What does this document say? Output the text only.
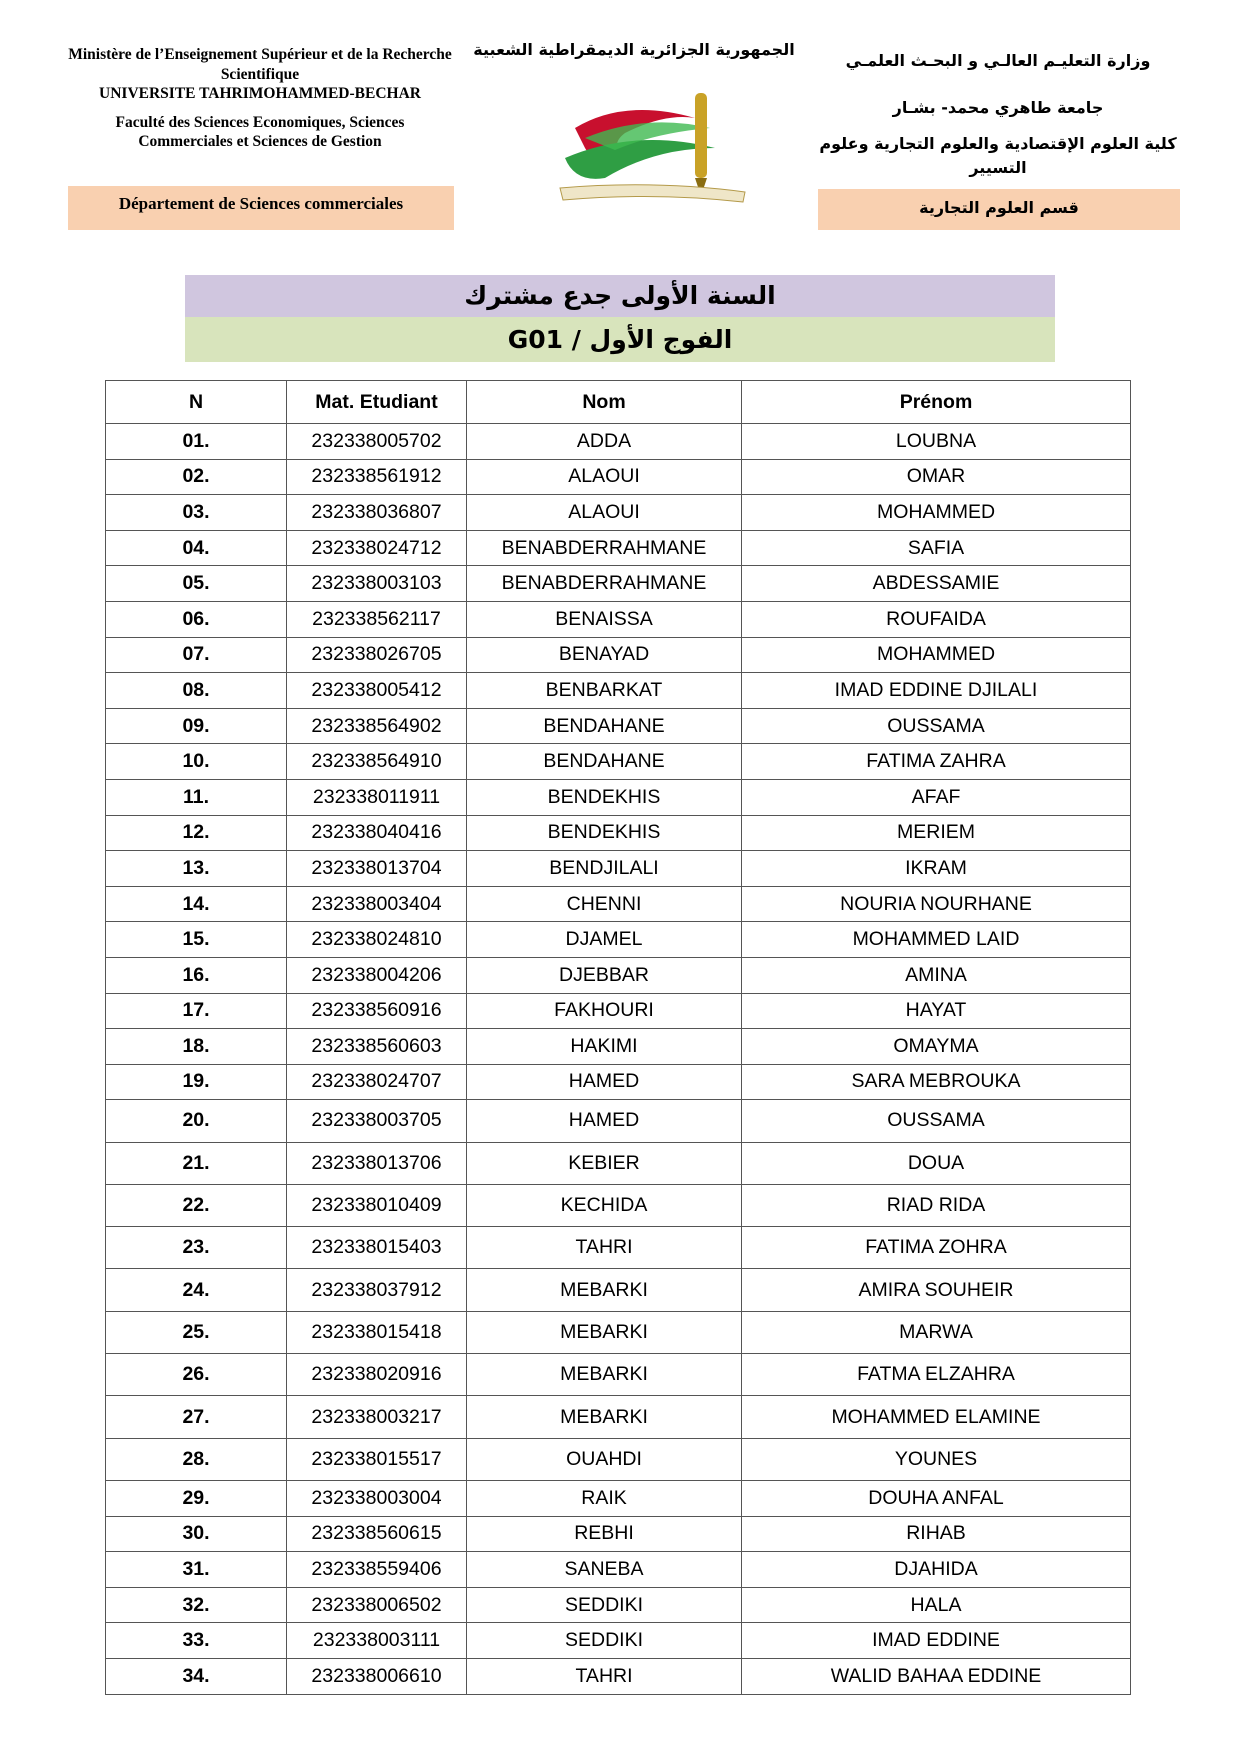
Ministère de l’Enseignement Supérieur et de la Recherche Scientifique
UNIVERSITE TAHRIMOHAMMED-BECHAR
Faculté des Sciences Economiques, Sciences Commerciales et Sciences de Gestion
Département de Sciences commerciales
الجمهورية الجزائرية الديمقراطية الشعبية
وزارة التعليـم العالـي و البحـث العلمـي
جامعة طاهري محمد- بشـار
كلية العلوم الإقتصادية والعلوم التجارية وعلوم التسيير
قسم العلوم التجارية
السنة الأولى جدع مشترك
الفوج الأول / G01
N	Mat. Etudiant	Nom	Prénom
01.	232338005702	ADDA	LOUBNA
02.	232338561912	ALAOUI	OMAR
03.	232338036807	ALAOUI	MOHAMMED
04.	232338024712	BENABDERRAHMANE	SAFIA
05.	232338003103	BENABDERRAHMANE	ABDESSAMIE
06.	232338562117	BENAISSA	ROUFAIDA
07.	232338026705	BENAYAD	MOHAMMED
08.	232338005412	BENBARKAT	IMAD EDDINE DJILALI
09.	232338564902	BENDAHANE	OUSSAMA
10.	232338564910	BENDAHANE	FATIMA ZAHRA
11.	232338011911	BENDEKHIS	AFAF
12.	232338040416	BENDEKHIS	MERIEM
13.	232338013704	BENDJILALI	IKRAM
14.	232338003404	CHENNI	NOURIA NOURHANE
15.	232338024810	DJAMEL	MOHAMMED LAID
16.	232338004206	DJEBBAR	AMINA
17.	232338560916	FAKHOURI	HAYAT
18.	232338560603	HAKIMI	OMAYMA
19.	232338024707	HAMED	SARA MEBROUKA
20.	232338003705	HAMED	OUSSAMA
21.	232338013706	KEBIER	DOUA
22.	232338010409	KECHIDA	RIAD RIDA
23.	232338015403	TAHRI	FATIMA ZOHRA
24.	232338037912	MEBARKI	AMIRA SOUHEIR
25.	232338015418	MEBARKI	MARWA
26.	232338020916	MEBARKI	FATMA ELZAHRA
27.	232338003217	MEBARKI	MOHAMMED ELAMINE
28.	232338015517	OUAHDI	YOUNES
29.	232338003004	RAIK	DOUHA ANFAL
30.	232338560615	REBHI	RIHAB
31.	232338559406	SANEBA	DJAHIDA
32.	232338006502	SEDDIKI	HALA
33.	232338003111	SEDDIKI	IMAD EDDINE
34.	232338006610	TAHRI	WALID BAHAA EDDINE
